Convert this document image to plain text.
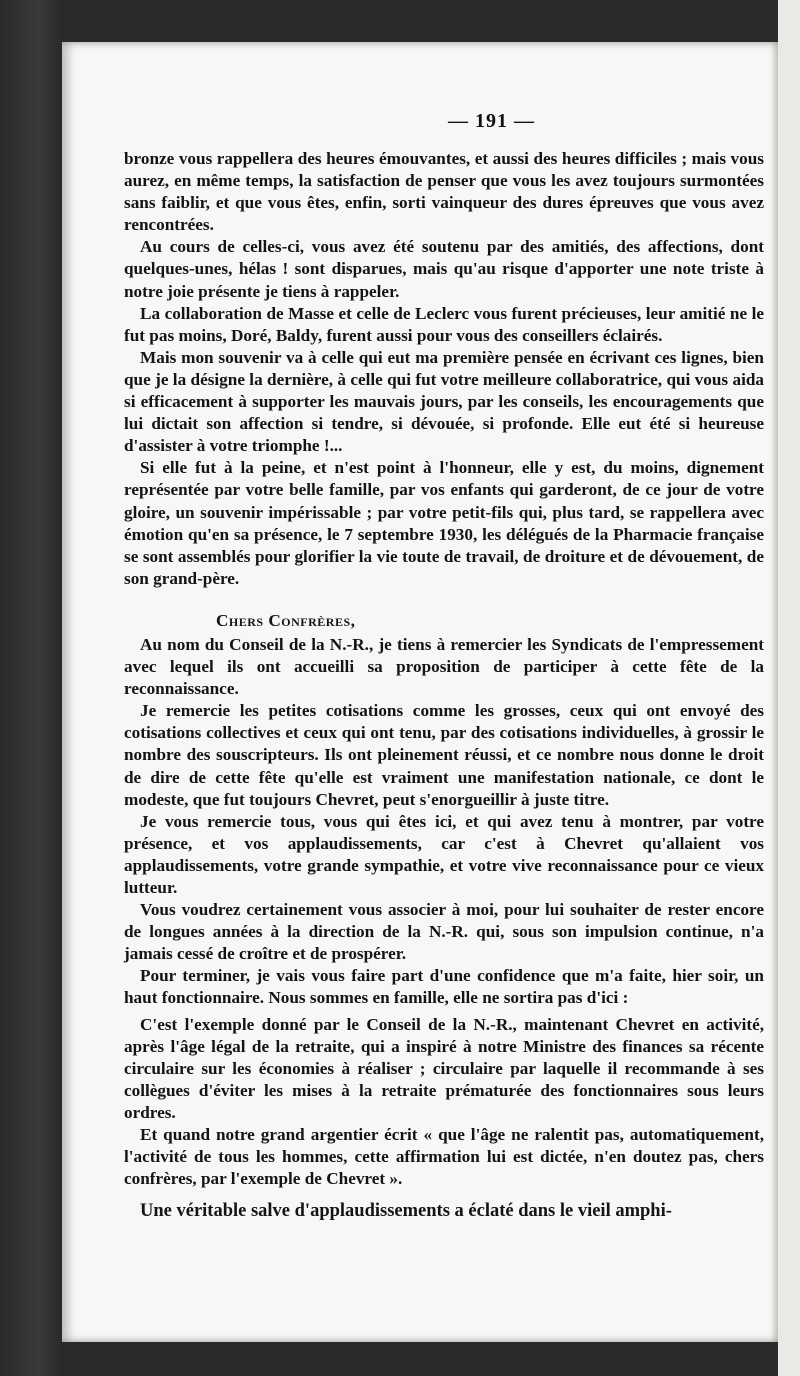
— 191 —

bronze vous rappellera des heures émouvantes, et aussi des heures difficiles ; mais vous aurez, en même temps, la satisfaction de penser que vous les avez toujours surmontées sans faiblir, et que vous êtes, enfin, sorti vainqueur des dures épreuves que vous avez rencontrées.

Au cours de celles-ci, vous avez été soutenu par des amitiés, des affections, dont quelques-unes, hélas ! sont disparues, mais qu'au risque d'apporter une note triste à notre joie présente je tiens à rappeler.

La collaboration de Masse et celle de Leclerc vous furent précieuses, leur amitié ne le fut pas moins, Doré, Baldy, furent aussi pour vous des conseillers éclairés.

Mais mon souvenir va à celle qui eut ma première pensée en écrivant ces lignes, bien que je la désigne la dernière, à celle qui fut votre meilleure collaboratrice, qui vous aida si efficacement à supporter les mauvais jours, par les conseils, les encouragements que lui dictait son affection si tendre, si dévouée, si profonde. Elle eut été si heureuse d'assister à votre triomphe !...

Si elle fut à la peine, et n'est point à l'honneur, elle y est, du moins, dignement représentée par votre belle famille, par vos enfants qui garderont, de ce jour de votre gloire, un souvenir impérissable ; par votre petit-fils qui, plus tard, se rappellera avec émotion qu'en sa présence, le 7 septembre 1930, les délégués de la Pharmacie française se sont assemblés pour glorifier la vie toute de travail, de droiture et de dévouement, de son grand-père.

Chers Confrères,

Au nom du Conseil de la N.-R., je tiens à remercier les Syndicats de l'empressement avec lequel ils ont accueilli sa proposition de participer à cette fête de la reconnaissance.

Je remercie les petites cotisations comme les grosses, ceux qui ont envoyé des cotisations collectives et ceux qui ont tenu, par des cotisations individuelles, à grossir le nombre des souscripteurs. Ils ont pleinement réussi, et ce nombre nous donne le droit de dire de cette fête qu'elle est vraiment une manifestation nationale, ce dont le modeste, que fut toujours Chevret, peut s'enorgueillir à juste titre.

Je vous remercie tous, vous qui êtes ici, et qui avez tenu à montrer, par votre présence, et vos applaudissements, car c'est à Chevret qu'allaient vos applaudissements, votre grande sympathie, et votre vive reconnaissance pour ce vieux lutteur.

Vous voudrez certainement vous associer à moi, pour lui souhaiter de rester encore de longues années à la direction de la N.-R. qui, sous son impulsion continue, n'a jamais cessé de croître et de prospérer.

Pour terminer, je vais vous faire part d'une confidence que m'a faite, hier soir, un haut fonctionnaire. Nous sommes en famille, elle ne sortira pas d'ici :

C'est l'exemple donné par le Conseil de la N.-R., maintenant Chevret en activité, après l'âge légal de la retraite, qui a inspiré à notre Ministre des finances sa récente circulaire sur les économies à réaliser ; circulaire par laquelle il recommande à ses collègues d'éviter les mises à la retraite prématurée des fonctionnaires sous leurs ordres.

Et quand notre grand argentier écrit « que l'âge ne ralentit pas, automatiquement, l'activité de tous les hommes, cette affirmation lui est dictée, n'en doutez pas, chers confrères, par l'exemple de Chevret ».

Une véritable salve d'applaudissements a éclaté dans le vieil amphi-
